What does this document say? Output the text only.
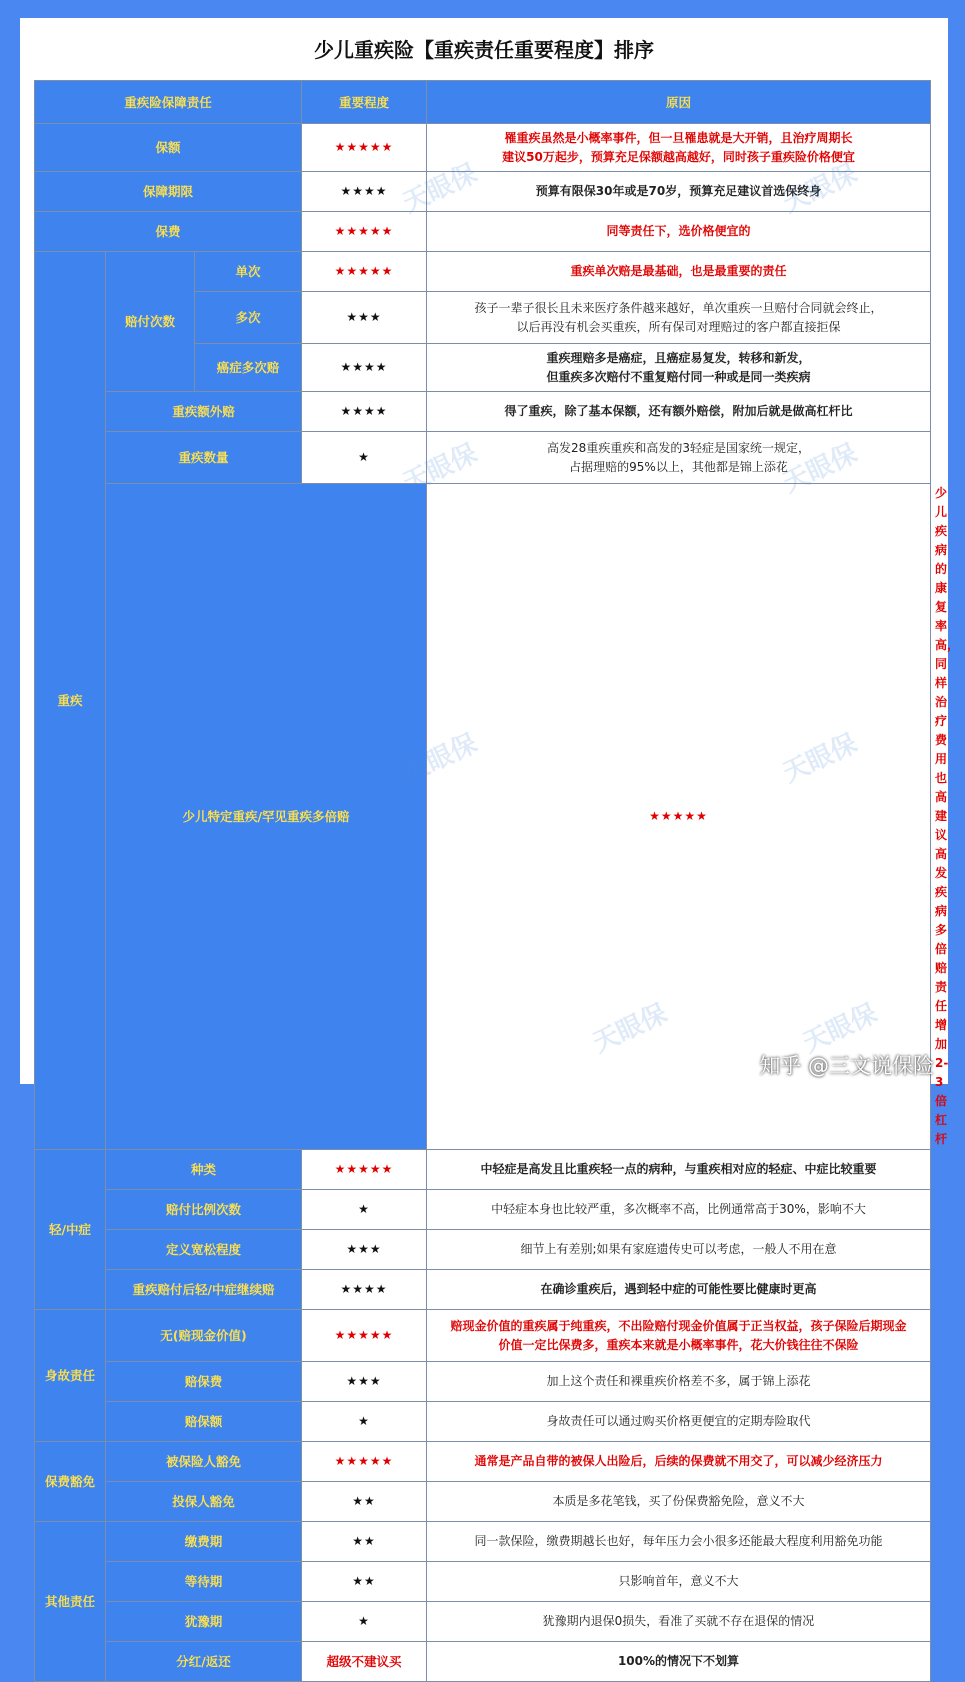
少儿重疾险【重疾责任重要程度】排序
重疾险保障责任			重要程度	原因	
保额			★★★★★	罹重疾虽然是小概率事件，但一旦罹患就是大开销，且治疗周期长
建议50万起步，预算充足保额越高越好，同时孩子重疾险价格便宜	
保障期限			★★★★	预算有限保30年或是70岁，预算充足建议首选保终身	
保费			★★★★★	同等责任下，选价格便宜的	
重疾	赔付次数	单次	★★★★★	重疾单次赔是最基础，也是最重要的责任	
		多次	★★★	孩子一辈子很长且未来医疗条件越来越好，单次重疾一旦赔付合同就会终止，
以后再没有机会买重疾，所有保司对理赔过的客户都直接拒保	
		癌症多次赔	★★★★	重疾理赔多是癌症，且癌症易复发，转移和新发，
但重疾多次赔付不重复赔付同一种或是同一类疾病	
	重疾额外赔		★★★★	得了重疾，除了基本保额，还有额外赔偿，附加后就是做高杠杆比	
	重疾数量		★	高发28重疾重疾和高发的3轻症是国家统一规定，
占据理赔的95%以上，其他都是锦上添花	
	少儿特定重疾/罕见重疾多倍赔			★★★★★	少儿疾病的康复率高，同样治疗费用也高
建议高发疾病多倍赔责任增加2-3倍杠杆
轻/中症	种类		★★★★★	中轻症是高发且比重疾轻一点的病种，与重疾相对应的轻症、中症比较重要	
	赔付比例次数		★	中轻症本身也比较严重，多次概率不高，比例通常高于30%，影响不大	
	定义宽松程度		★★★	细节上有差别;如果有家庭遗传史可以考虑，一般人不用在意	
	重疾赔付后轻/中症继续赔		★★★★	在确诊重疾后，遇到轻中症的可能性要比健康时更高	
身故责任	无(赔现金价值)		★★★★★	赔现金价值的重疾属于纯重疾，不出险赔付现金价值属于正当权益，孩子保险后期现金
价值一定比保费多，重疾本来就是小概率事件，花大价钱往往不保险	
	赔保费		★★★	加上这个责任和裸重疾价格差不多，属于锦上添花	
	赔保额		★	身故责任可以通过购买价格更便宜的定期寿险取代	
保费豁免	被保险人豁免		★★★★★	通常是产品自带的被保人出险后，后续的保费就不用交了，可以减少经济压力	
	投保人豁免		★★	本质是多花笔钱，买了份保费豁免险，意义不大	
其他责任	缴费期		★★	同一款保险，缴费期越长也好，每年压力会小很多还能最大程度利用豁免功能	
	等待期		★★	只影响首年，意义不大	
	犹豫期		★	犹豫期内退保0损失，看准了买就不存在退保的情况	
	分红/返还		超级不建议买	100%的情况下不划算	
知乎 @三文说保险
